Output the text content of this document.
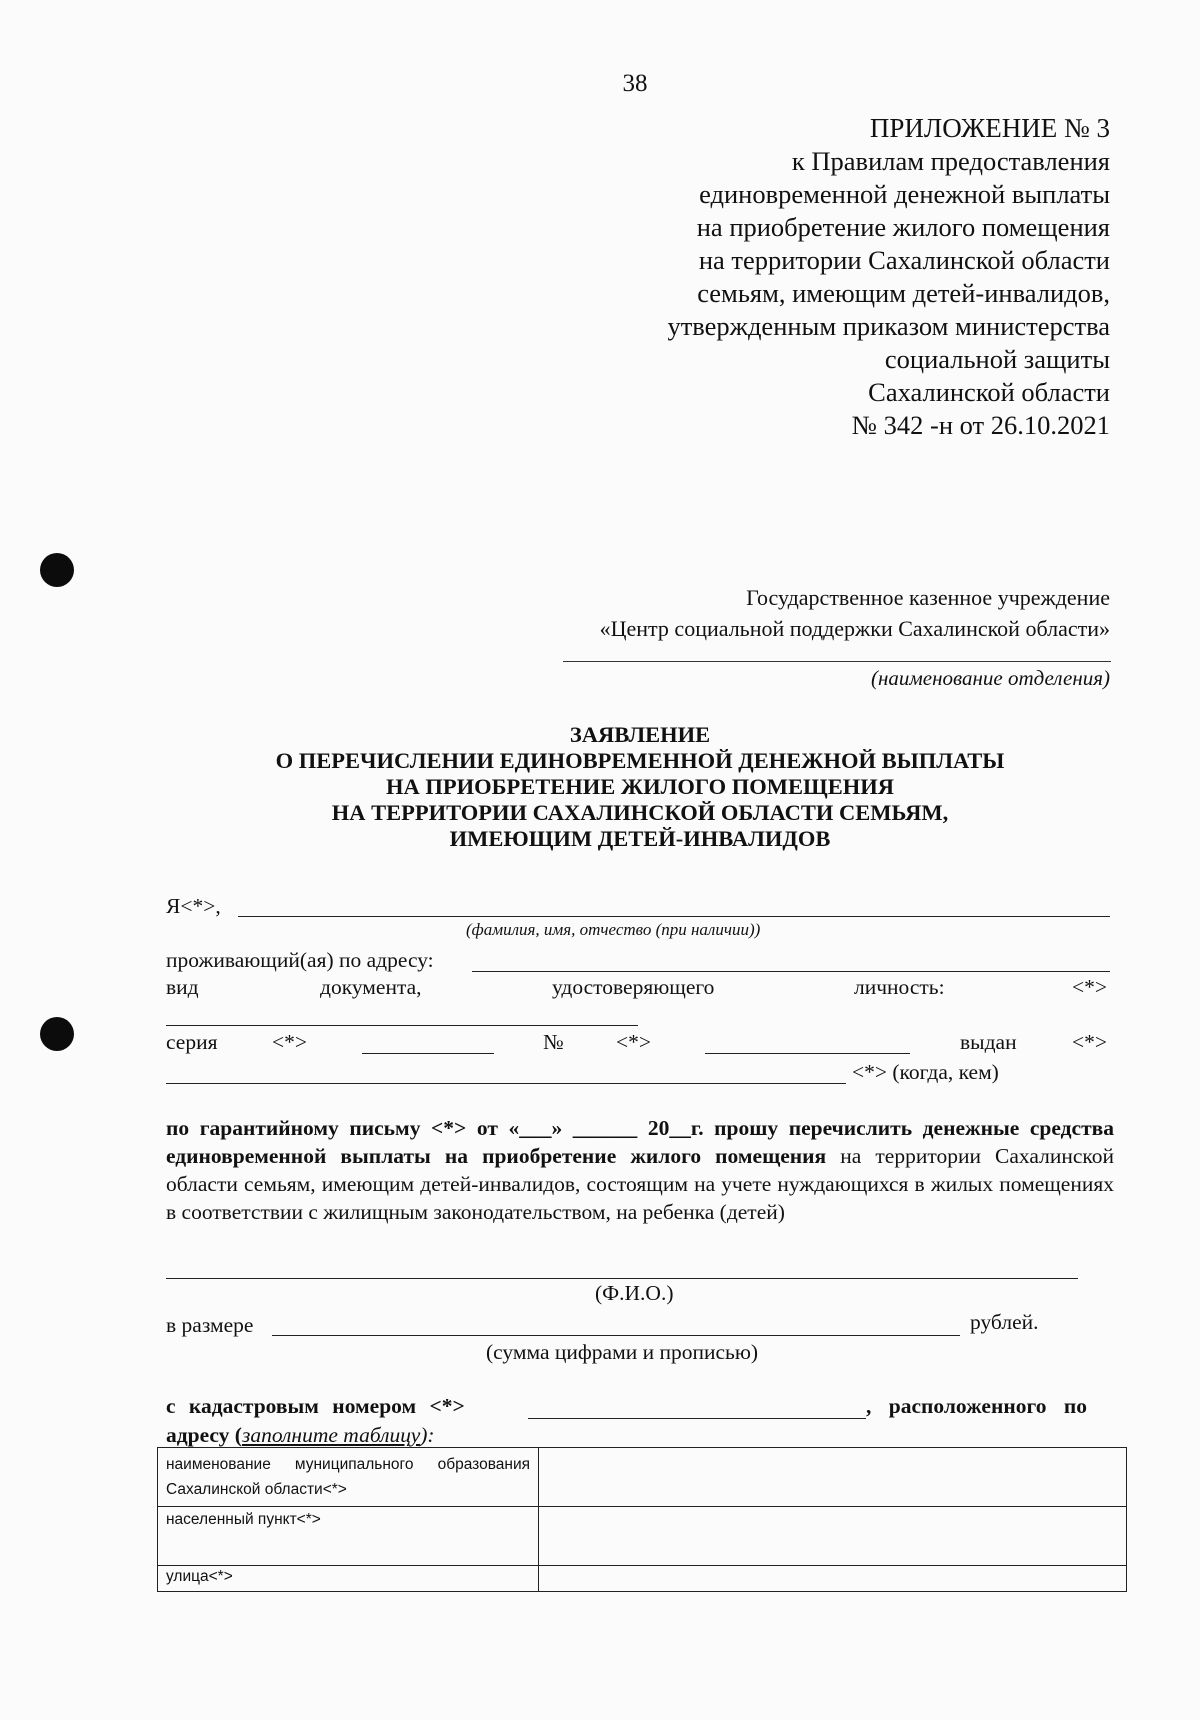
38
ПРИЛОЖЕНИЕ № 3
к Правилам предоставления
единовременной денежной выплаты
на приобретение жилого помещения
на территории Сахалинской области
семьям, имеющим детей-инвалидов,
утвержденным приказом министерства
социальной защиты
Сахалинской области
№ 342 -н от 26.10.2021
Государственное казенное учреждение
«Центр социальной поддержки Сахалинской области»
(наименование отделения)
ЗАЯВЛЕНИЕ
О ПЕРЕЧИСЛЕНИИ ЕДИНОВРЕМЕННОЙ ДЕНЕЖНОЙ ВЫПЛАТЫ
НА ПРИОБРЕТЕНИЕ ЖИЛОГО ПОМЕЩЕНИЯ
НА ТЕРРИТОРИИ САХАЛИНСКОЙ ОБЛАСТИ СЕМЬЯМ,
ИМЕЮЩИМ ДЕТЕЙ-ИНВАЛИДОВ
Я<*>,
(фамилия, имя, отчество (при наличии))
проживающий(ая) по адресу:
вид	документа,	удостоверяющего	личность:	<*>
серия	<*>	№ <*>	выдан	<*>
<*> (когда, кем)

по гарантийному письму <*> от «___» ______ 20__г. прошу перечислить денежные средства единовременной выплаты на приобретение жилого помещения на территории Сахалинской области семьям, имеющим детей-инвалидов, состоящим на учете нуждающихся в жилых помещениях в соответствии с жилищным законодательством, на ребенка (детей)

(Ф.И.О.)
в размере	рублей.
(сумма цифрами и прописью)
с кадастровым номером <*>	, расположенного по
адресу (заполните таблицу):
наименование муниципального образования Сахалинской области<*>	
населенный пункт<*>	
улица<*>	
